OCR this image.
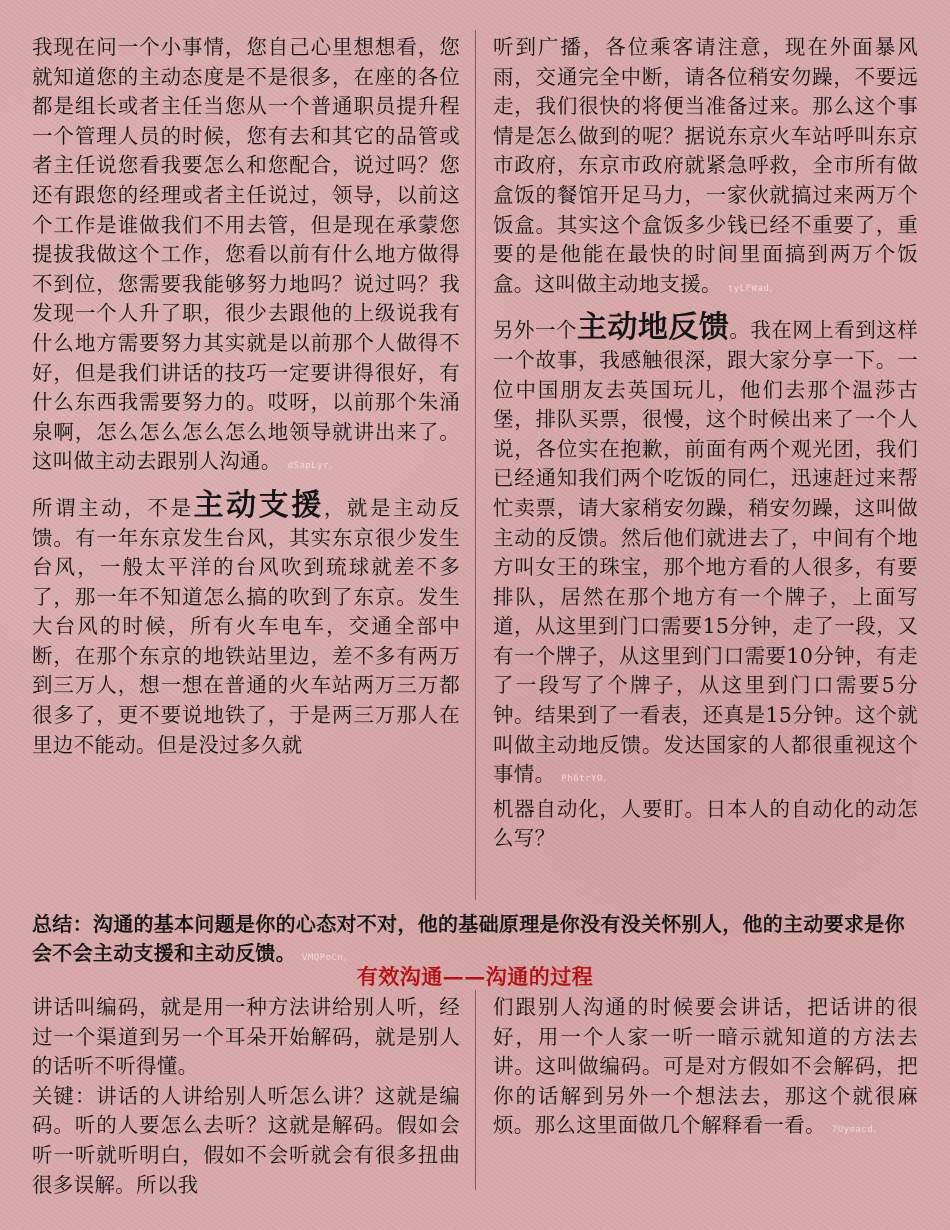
我现在问一个小事情，您自己心里想想看，您就知道您的主动态度是不是很多，在座的各位都是组长或者主任当您从一个普通职员提升程一个管理人员的时候，您有去和其它的品管或者主任说您看我要怎么和您配合，说过吗？您还有跟您的经理或者主任说过，领导，以前这个工作是谁做我们不用去管，但是现在承蒙您提拔我做这个工作，您看以前有什么地方做得不到位，您需要我能够努力地吗？说过吗？我发现一个人升了职，很少去跟他的上级说我有什么地方需要努力其实就是以前那个人做得不好，但是我们讲话的技巧一定要讲得很好，有什么东西我需要努力的。哎呀，以前那个朱涌泉啊，怎么怎么怎么怎么地领导就讲出来了。这叫做主动去跟别人沟通。 dSapLyr。

所谓主动，不是主动支援，就是主动反馈。有一年东京发生台风，其实东京很少发生台风，一般太平洋的台风吹到琉球就差不多了，那一年不知道怎么搞的吹到了东京。发生大台风的时候，所有火车电车，交通全部中断，在那个东京的地铁站里边，差不多有两万到三万人，想一想在普通的火车站两万三万都很多了，更不要说地铁了，于是两三万那人在里边不能动。但是没过多久就

听到广播，各位乘客请注意，现在外面暴风雨，交通完全中断，请各位稍安勿躁，不要远走，我们很快的将便当准备过来。那么这个事情是怎么做到的呢？据说东京火车站呼叫东京市政府，东京市政府就紧急呼救，全市所有做盒饭的餐馆开足马力，一家伙就搞过来两万个饭盒。其实这个盒饭多少钱已经不重要了，重要的是他能在最快的时间里面搞到两万个饭盒。这叫做主动地支援。 tyLFWad。

另外一个主动地反馈。我在网上看到这样一个故事，我感触很深，跟大家分享一下。一位中国朋友去英国玩儿，他们去那个温莎古堡，排队买票，很慢，这个时候出来了一个人说，各位实在抱歉，前面有两个观光团，我们已经通知我们两个吃饭的同仁，迅速赶过来帮忙卖票，请大家稍安勿躁，稍安勿躁，这叫做主动的反馈。然后他们就进去了，中间有个地方叫女王的珠宝，那个地方看的人很多，有要排队，居然在那个地方有一个牌子，上面写道，从这里到门口需要15分钟，走了一段，又有一个牌子，从这里到门口需要10分钟，有走了一段写了个牌子，从这里到门口需要5分钟。结果到了一看表，还真是15分钟。这个就叫做主动地反馈。发达国家的人都很重视这个事情。 Ph6trYO。

机器自动化，人要盯。日本人的自动化的动怎么写？

总结：沟通的基本问题是你的心态对不对，他的基础原理是你没有没关怀别人，他的主动要求是你会不会主动支援和主动反馈。 VMQPoCn。
有效沟通——沟通的过程

讲话叫编码，就是用一种方法讲给别人听，经过一个渠道到另一个耳朵开始解码，就是别人的话听不听得懂。

关键：讲话的人讲给别人听怎么讲？这就是编码。听的人要怎么去听？这就是解码。假如会听一听就听明白，假如不会听就会有很多扭曲很多误解。所以我

们跟别人沟通的时候要会讲话，把话讲的很好，用一个人家一听一暗示就知道的方法去讲。这叫做编码。可是对方假如不会解码，把你的话解到另外一个想法去，那这个就很麻烦。那么这里面做几个解释看一看。 7Uyeacd。
